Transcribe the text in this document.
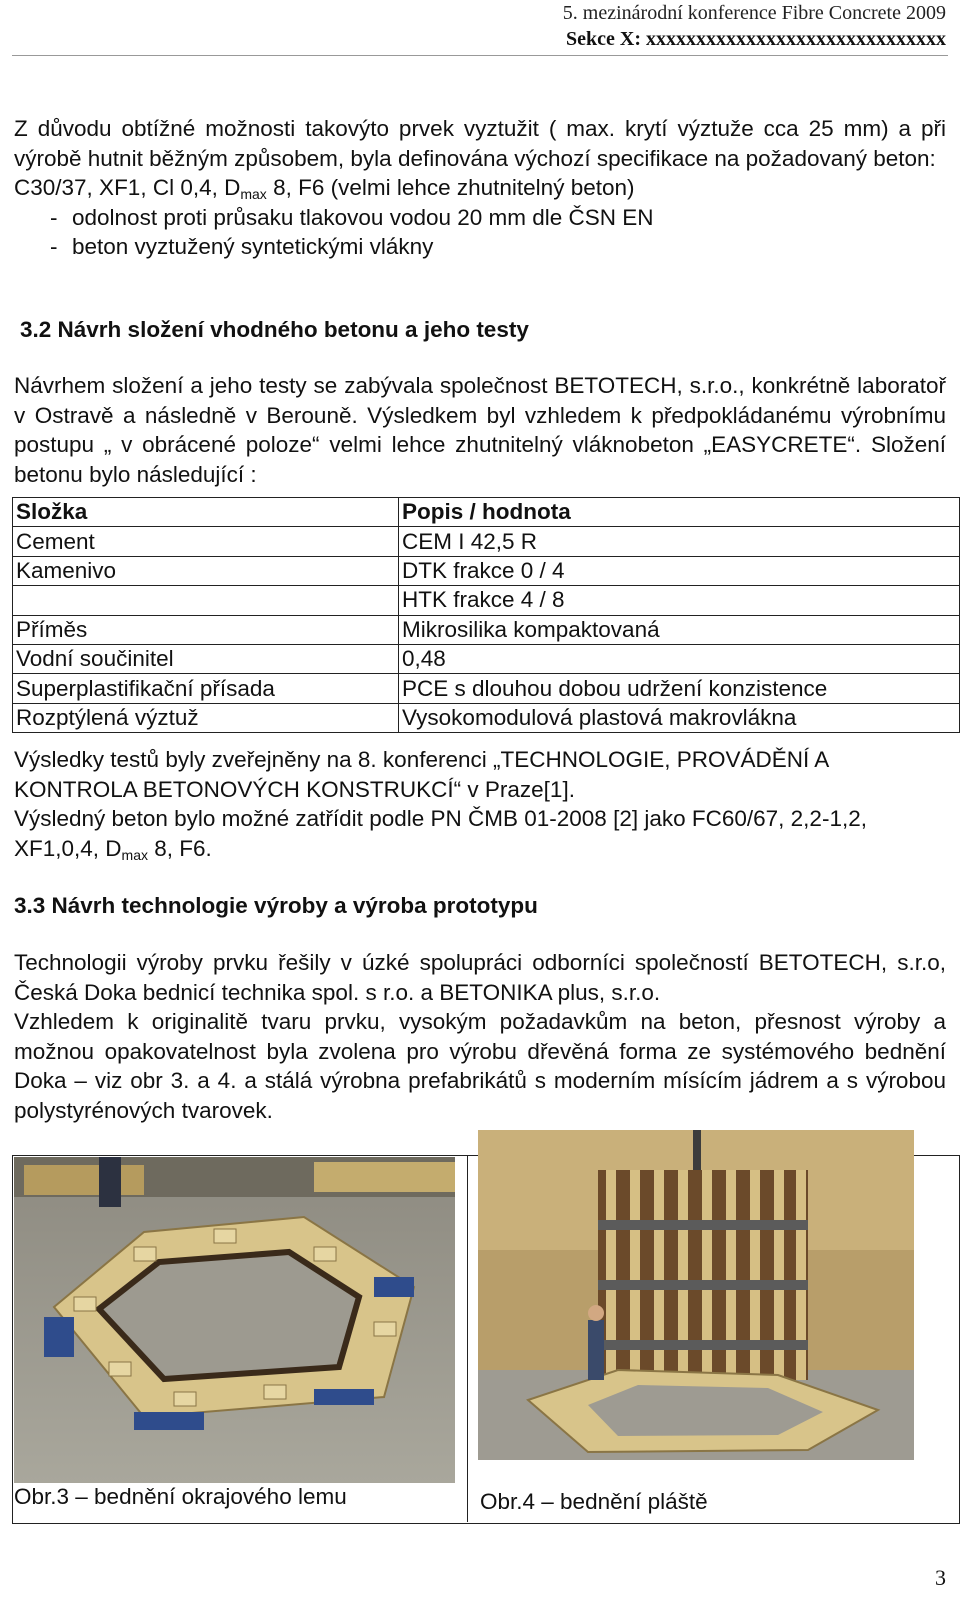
5. mezinárodní konference Fibre Concrete 2009
Sekce X: xxxxxxxxxxxxxxxxxxxxxxxxxxxxxx
Z důvodu obtížné možnosti takovýto prvek vyztužit ( max. krytí výztuže cca 25 mm) a při výrobě hutnit běžným způsobem, byla definována výchozí specifikace na požadovaný beton:
C30/37, XF1, Cl 0,4, $D_{max}$ 8, F6 (velmi lehce zhutnitelný beton)
- odolnost proti průsaku tlakovou vodou 20 mm dle ČSN EN
- beton vyztužený syntetickými vlákny
3.2 Návrh složení vhodného betonu a jeho testy
Návrhem složení a jeho testy se zabývala společnost BETOTECH, s.r.o., konkrétně laboratoř v Ostravě a následně v Berouně. Výsledkem byl vzhledem k předpokládanému výrobnímu postupu „ v obrácené poloze“ velmi lehce zhutnitelný vláknobeton „EASYCRETE“. Složení betonu bylo následující :
Složka	Popis / hodnota
Cement	CEM I 42,5 R
Kamenivo	DTK frakce 0 / 4
	HTK frakce 4 / 8
Příměs	Mikrosilika kompaktovaná
Vodní součinitel	0,48
Superplastifikační přísada	PCE s dlouhou dobou udržení konzistence
Rozptýlená výztuž	Vysokomodulová plastová makrovlákna
Výsledky testů byly zveřejněny na 8. konferenci „TECHNOLOGIE, PROVÁDĚNÍ A KONTROLA BETONOVÝCH KONSTRUKCÍ“ v Praze[1].
Výsledný beton bylo možné zatřídit podle PN ČMB 01-2008 [2] jako FC60/67, 2,2-1,2, XF1,0,4, $D_{max}$ 8, F6.
3.3 Návrh technologie výroby a výroba prototypu
Technologii výroby prvku řešily v úzké spolupráci odborníci společností BETOTECH, s.r.o, Česká Doka bednicí technika spol. s r.o. a BETONIKA plus, s.r.o.
Vzhledem k originalitě tvaru prvku, vysokým požadavkům na beton, přesnost výroby a možnou opakovatelnost byla zvolena pro výrobu dřevěná forma ze systémového bednění Doka – viz obr 3. a 4. a stálá výrobna prefabrikátů s moderním mísícím jádrem a s výrobou polystyrénových tvarovek.
Obr.3 – bednění okrajového lemu	Obr.4 – bednění pláště
3
